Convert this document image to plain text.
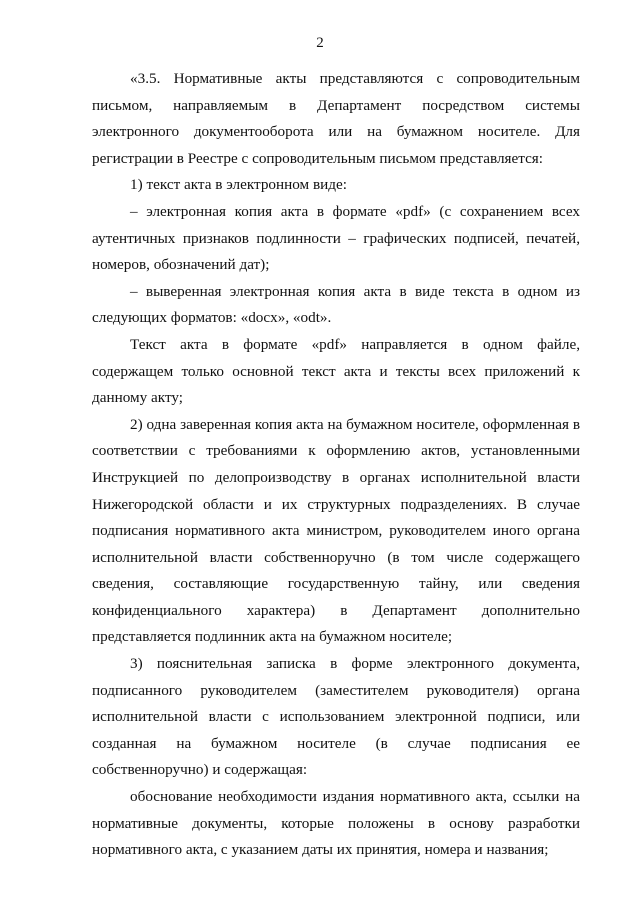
2

«3.5. Нормативные акты представляются с сопроводительным письмом, направляемым в Департамент посредством системы электронного документооборота или на бумажном носителе. Для регистрации в Реестре с сопроводительным письмом представляется:

1) текст акта в электронном виде:

– электронная копия акта в формате «pdf» (с сохранением всех аутентичных признаков подлинности – графических подписей, печатей, номеров, обозначений дат);

– выверенная электронная копия акта в виде текста в одном из следующих форматов: «docx», «odt».

Текст акта в формате «pdf» направляется в одном файле, содержащем только основной текст акта и тексты всех приложений к данному акту;

2) одна заверенная копия акта на бумажном носителе, оформленная в соответствии с требованиями к оформлению актов, установленными Инструкцией по делопроизводству в органах исполнительной власти Нижегородской области и их структурных подразделениях. В случае подписания нормативного акта министром, руководителем иного органа исполнительной власти собственноручно (в том числе содержащего сведения, составляющие государственную тайну, или сведения конфиденциального характера) в Департамент дополнительно представляется подлинник акта на бумажном носителе;

3) пояснительная записка в форме электронного документа, подписанного руководителем (заместителем руководителя) органа исполнительной власти с использованием электронной подписи, или созданная на бумажном носителе (в случае подписания ее собственноручно) и содержащая:

обоснование необходимости издания нормативного акта, ссылки на нормативные документы, которые положены в основу разработки нормативного акта, с указанием даты их принятия, номера и названия;
